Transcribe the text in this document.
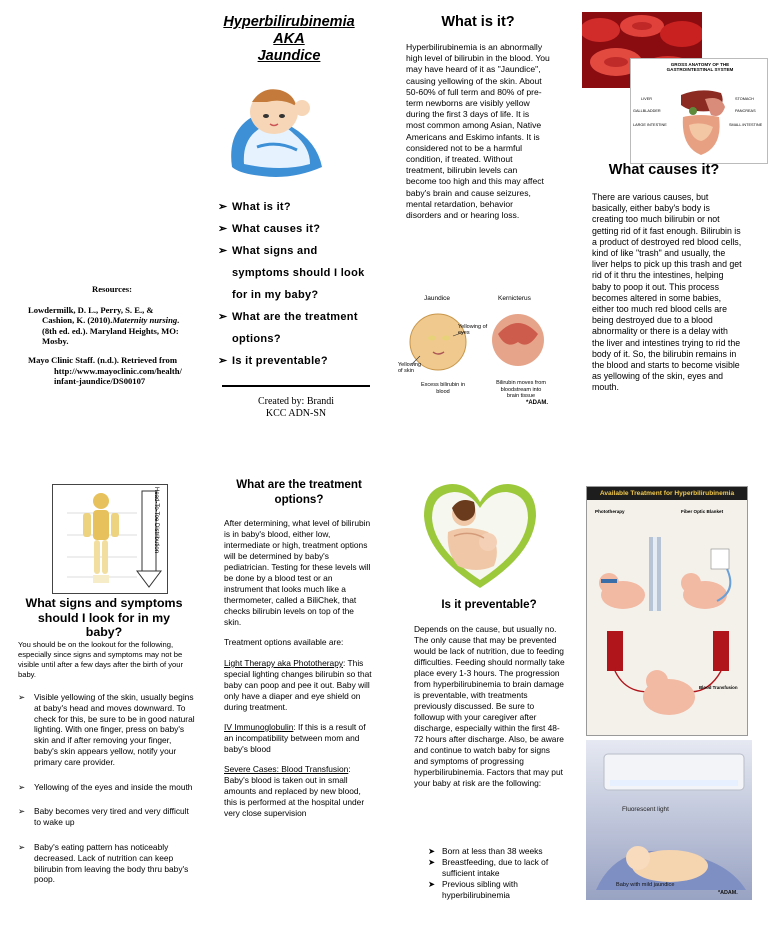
Resources:
Lowdermilk, D. L., Perry, S. E., & Cashion, K. (2010).Maternity nursing. (8th ed. ed.). Maryland Heights, MO: Mosby.
Mayo Clinic Staff. (n.d.). Retrieved from http://www.mayoclinic.com/health/infant-jaundice/DS00107
Hyperbilirubinemia
AKA
Jaundice
➢ What is it?
➢ What causes it?
➢ What signs and symptoms should I look for in my baby?
➢ What are the treatment options?
➢ Is it preventable?
Created by: Brandi
KCC ADN-SN
What is it?
Hyperbilirubinemia is an abnormally high level of bilirubin in the blood. You may have heard of it as "Jaundice", causing yellowing of the skin. About 50-60% of full term and 80% of pre-term newborns are visibly yellow during the first 3 days of life. It is most common among Asian, Native Americans and Eskimo infants. It is considered not to be a harmful condition, if treated. Without treatment, bilirubin levels can become too high and this may affect baby's brain and cause seizures, mental retardation, behavior disorders and or hearing loss.
Jaundice	Kernicterus
Yellowing of eyes
Yellowing of skin
Excess bilirubin in blood
Bilirubin moves from bloodstream into brain tissue
*ADAM.
GROSS ANATOMY OF THE GASTROINTESTINAL SYSTEM
LIVER
GALLBLADDER
LARGE INTESTINE
STOMACH
PANCREAS
SMALL INTESTINE
What causes it?
There are various causes, but basically, either baby's body is creating too much bilirubin or not getting rid of it fast enough. Bilirubin is a product of destroyed red blood cells, kind of like "trash" and usually, the liver helps to pick up this trash and get rid of it thru the intestines, helping baby to poop it out. This process becomes altered in some babies, either too much red blood cells are being destroyed due to a blood abnormality or there is a delay with the liver and intestines trying to rid the body of it. So, the bilirubin remains in the blood and starts to become visible as yellowing of the skin, eyes and mouth.
Head-To-Toe Distribution
What signs and symptoms should I look for in my baby?
You should be on the lookout for the following, especially since signs and symptoms may not be visible until after a few days after the birth of your baby.
➢ Visible yellowing of the skin, usually begins at baby's head and moves downward. To check for this, be sure to be in good natural lighting. With one finger, press on baby's skin and if after removing your finger, baby's skin appears yellow, notify your primary care provider.
➢ Yellowing of the eyes and inside the mouth
➢ Baby becomes very tired and very difficult to wake up
➢ Baby's eating pattern has noticeably decreased. Lack of nutrition can keep bilirubin from leaving the body thru baby's poop.
What are the treatment options?

After determining, what level of bilirubin is in baby's blood, either low, intermediate or high, treatment options will be determined by baby's pediatrician. Testing for these levels will be done by a blood test or an instrument that looks much like a thermometer, called a BiliChek, that checks bilirubin levels on top of the skin.

Treatment options available are:

Light Therapy aka Phototherapy: This special lighting changes bilirubin so that baby can poop and pee it out. Baby will only have a diaper and eye shield on during treatment.

IV Immunoglobulin: If this is a result of an incompatibility between mom and baby's blood

Severe Cases: Blood Transfusion: Baby's blood is taken out in small amounts and replaced by new blood, this is performed at the hospital under very close supervision

Is it preventable?
Depends on the cause, but usually no. The only cause that may be prevented would be lack of nutrition, due to feeding difficulties. Feeding should normally take place every 1-3 hours. The progression from hyperbilirubinemia to brain damage is preventable, with treatments previously discussed. Be sure to followup with your caregiver after discharge, especially within the first 48-72 hours after discharge. Also, be aware and continue to watch baby for signs and symptoms of progressing hyperbilirubinemia. Factors that may put your baby at risk are the following:
➤ Born at less than 38 weeks
➤ Breastfeeding, due to lack of sufficient intake
➤ Previous sibling with hyperbilirubinemia
Available Treatment for Hyperbilirubinemia
Phototherapy	Fiber Optic Blanket
Blood Transfusion
Fluorescent light
Baby with mild jaundice
*ADAM.
